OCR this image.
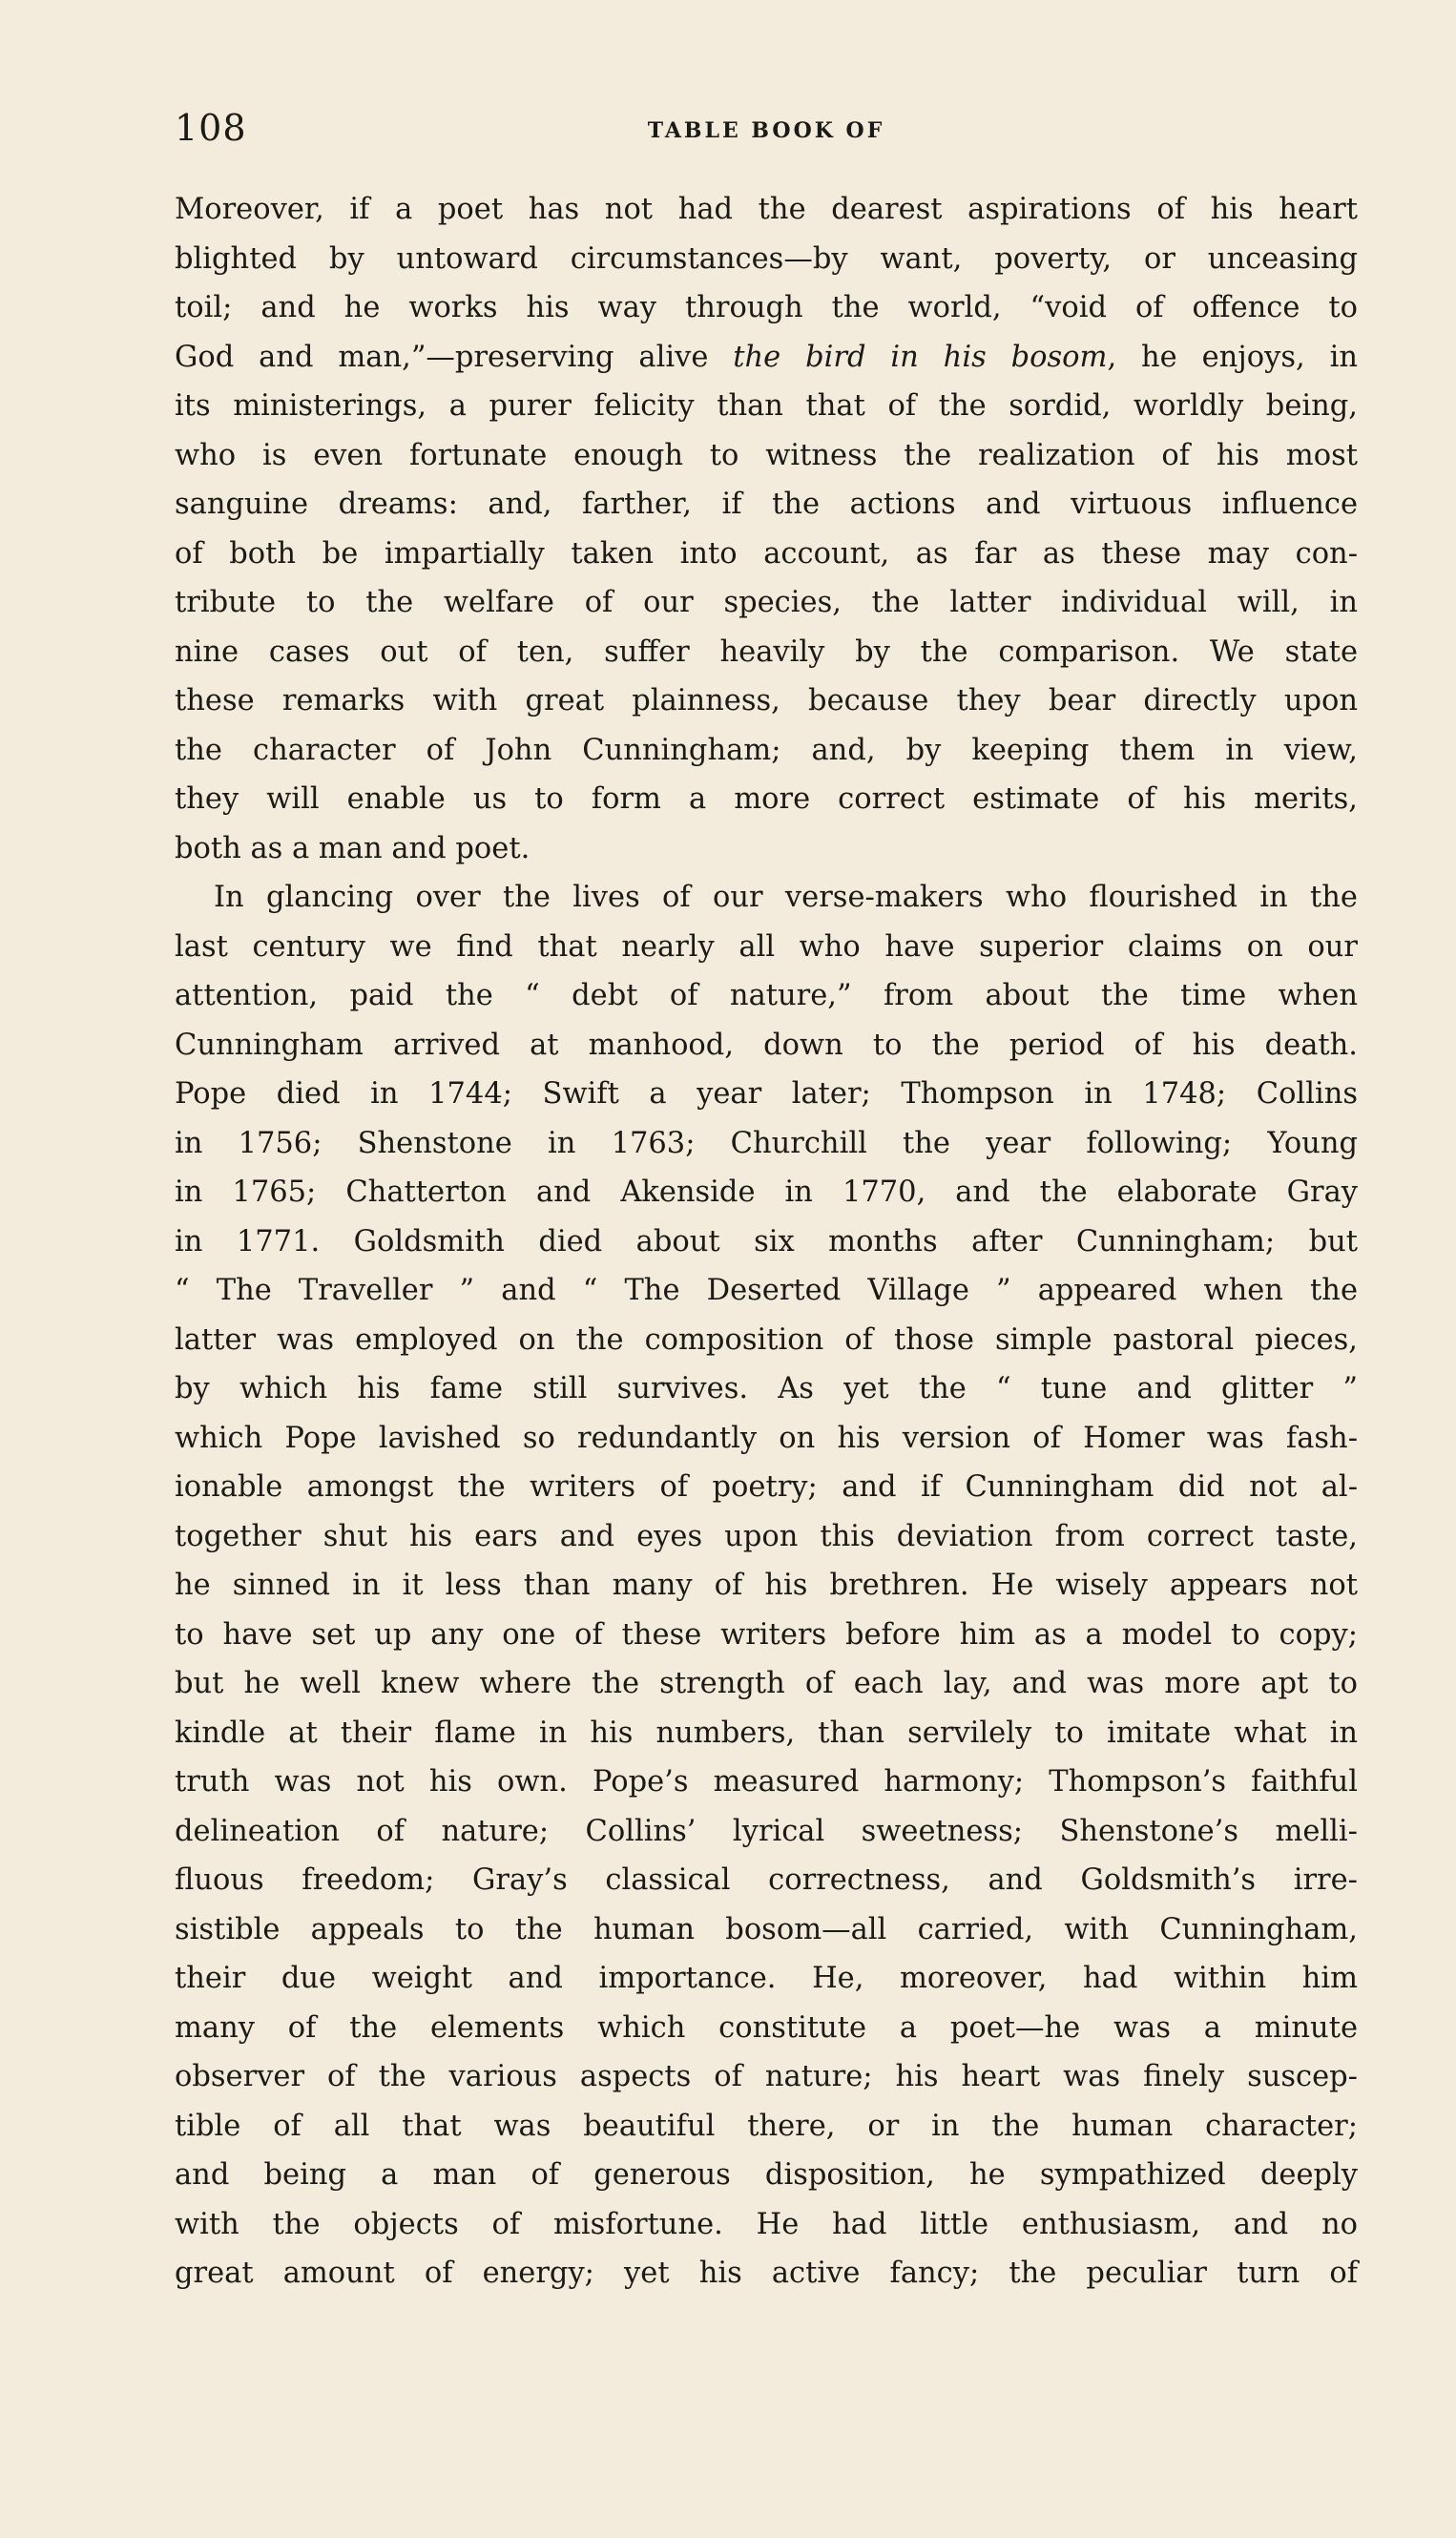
108	TABLE BOOK OF
Moreover, if a poet has not had the dearest aspirations of his heart
blighted by untoward circumstances—by want, poverty, or unceasing
toil; and he works his way through the world, “void of offence to
God and man,”—preserving alive the bird in his bosom, he enjoys, in
its ministerings, a purer felicity than that of the sordid, worldly being,
who is even fortunate enough to witness the realization of his most
sanguine dreams: and, farther, if the actions and virtuous influence
of both be impartially taken into account, as far as these may con-
tribute to the welfare of our species, the latter individual will, in
nine cases out of ten, suffer heavily by the comparison. We state
these remarks with great plainness, because they bear directly upon
the character of John Cunningham; and, by keeping them in view,
they will enable us to form a more correct estimate of his merits,
both as a man and poet.
In glancing over the lives of our verse-makers who flourished in the
last century we find that nearly all who have superior claims on our
attention, paid the “ debt of nature,” from about the time when
Cunningham arrived at manhood, down to the period of his death.
Pope died in 1744; Swift a year later; Thompson in 1748; Collins
in 1756; Shenstone in 1763; Churchill the year following; Young
in 1765; Chatterton and Akenside in 1770, and the elaborate Gray
in 1771. Goldsmith died about six months after Cunningham; but
“ The Traveller ” and “ The Deserted Village ” appeared when the
latter was employed on the composition of those simple pastoral pieces,
by which his fame still survives. As yet the “ tune and glitter ”
which Pope lavished so redundantly on his version of Homer was fash-
ionable amongst the writers of poetry; and if Cunningham did not al-
together shut his ears and eyes upon this deviation from correct taste,
he sinned in it less than many of his brethren. He wisely appears not
to have set up any one of these writers before him as a model to copy;
but he well knew where the strength of each lay, and was more apt to
kindle at their flame in his numbers, than servilely to imitate what in
truth was not his own. Pope’s measured harmony; Thompson’s faithful
delineation of nature; Collins’ lyrical sweetness; Shenstone’s melli-
fluous freedom; Gray’s classical correctness, and Goldsmith’s irre-
sistible appeals to the human bosom—all carried, with Cunningham,
their due weight and importance. He, moreover, had within him
many of the elements which constitute a poet—he was a minute
observer of the various aspects of nature; his heart was finely suscep-
tible of all that was beautiful there, or in the human character;
and being a man of generous disposition, he sympathized deeply
with the objects of misfortune. He had little enthusiasm, and no
great amount of energy; yet his active fancy; the peculiar turn of
